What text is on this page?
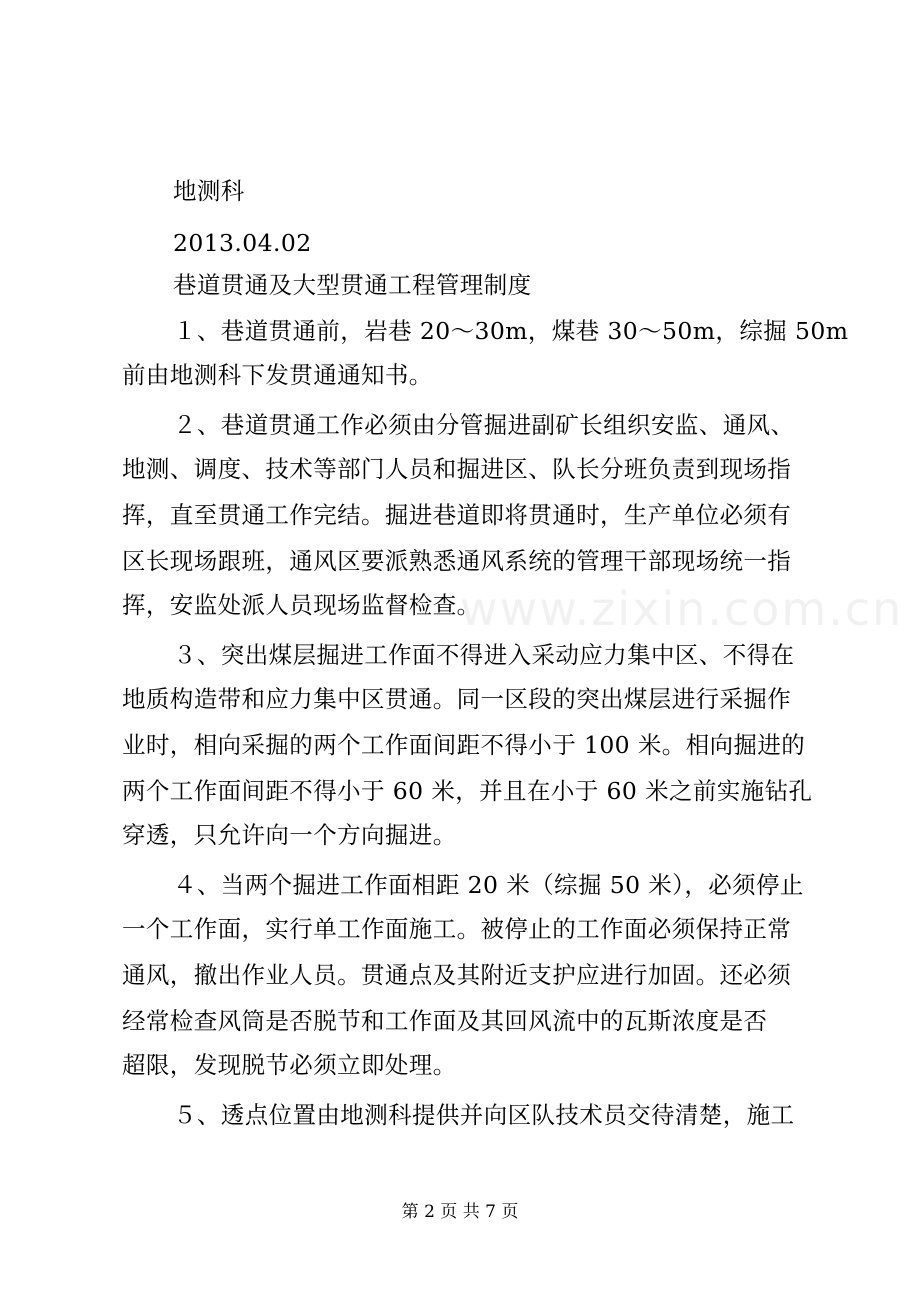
地测科
2013.04.02
巷道贯通及大型贯通工程管理制度
１、巷道贯通前，岩巷 20～30m，煤巷 30～50m，综掘 50m
前由地测科下发贯通通知书。
２、巷道贯通工作必须由分管掘进副矿长组织安监、通风、
地测、调度、技术等部门人员和掘进区、队长分班负责到现场指
挥，直至贯通工作完结。掘进巷道即将贯通时，生产单位必须有
区长现场跟班，通风区要派熟悉通风系统的管理干部现场统一指
挥，安监处派人员现场监督检查。
３、突出煤层掘进工作面不得进入采动应力集中区、不得在
地质构造带和应力集中区贯通。同一区段的突出煤层进行采掘作
业时，相向采掘的两个工作面间距不得小于 100 米。相向掘进的
两个工作面间距不得小于 60 米，并且在小于 60 米之前实施钻孔
穿透，只允许向一个方向掘进。
４、当两个掘进工作面相距 20 米（综掘 50 米），必须停止
一个工作面，实行单工作面施工。被停止的工作面必须保持正常
通风，撤出作业人员。贯通点及其附近支护应进行加固。还必须
经常检查风筒是否脱节和工作面及其回风流中的瓦斯浓度是否
超限，发现脱节必须立即处理。
５、透点位置由地测科提供并向区队技术员交待清楚，施工
www.zixin.com.cn
第 2 页 共 7 页
